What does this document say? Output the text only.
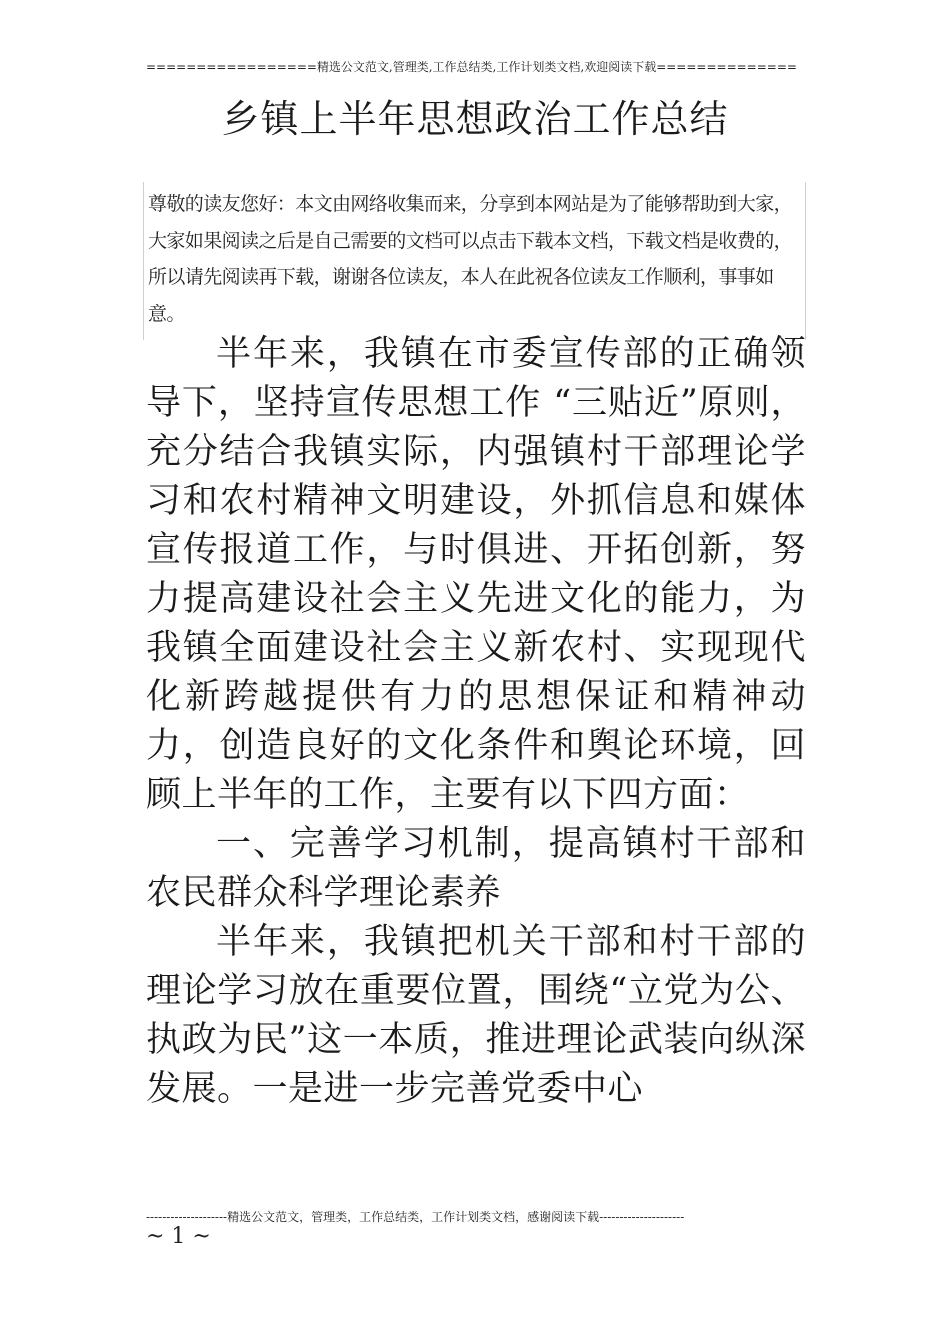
=================精选公文范文,管理类,工作总结类,工作计划类文档,欢迎阅读下载==============
乡镇上半年思想政治工作总结

尊敬的读友您好：本文由网络收集而来，分享到本网站是为了能够帮助到大家，大家如果阅读之后是自己需要的文档可以点击下载本文档，下载文档是收费的，所以请先阅读再下载，谢谢各位读友，本人在此祝各位读友工作顺利，事事如意。

半年来，我镇在市委宣传部的正确领导下，坚持宣传思想工作 “三贴近”原则，充分结合我镇实际，内强镇村干部理论学习和农村精神文明建设，外抓信息和媒体宣传报道工作，与时俱进、开拓创新，努力提高建设社会主义先进文化的能力，为我镇全面建设社会主义新农村、实现现代化新跨越提供有力的思想保证和精神动力，创造良好的文化条件和舆论环境，回顾上半年的工作，主要有以下四方面：

一、完善学习机制，提高镇村干部和农民群众科学理论素养

半年来，我镇把机关干部和村干部的理论学习放在重要位置，围绕“立党为公、执政为民”这一本质，推进理论武装向纵深发展。一是进一步完善党委中心

--------------------精选公文范文，管理类，工作总结类，工作计划类文档，感谢阅读下载---------------------
~ 1 ~
